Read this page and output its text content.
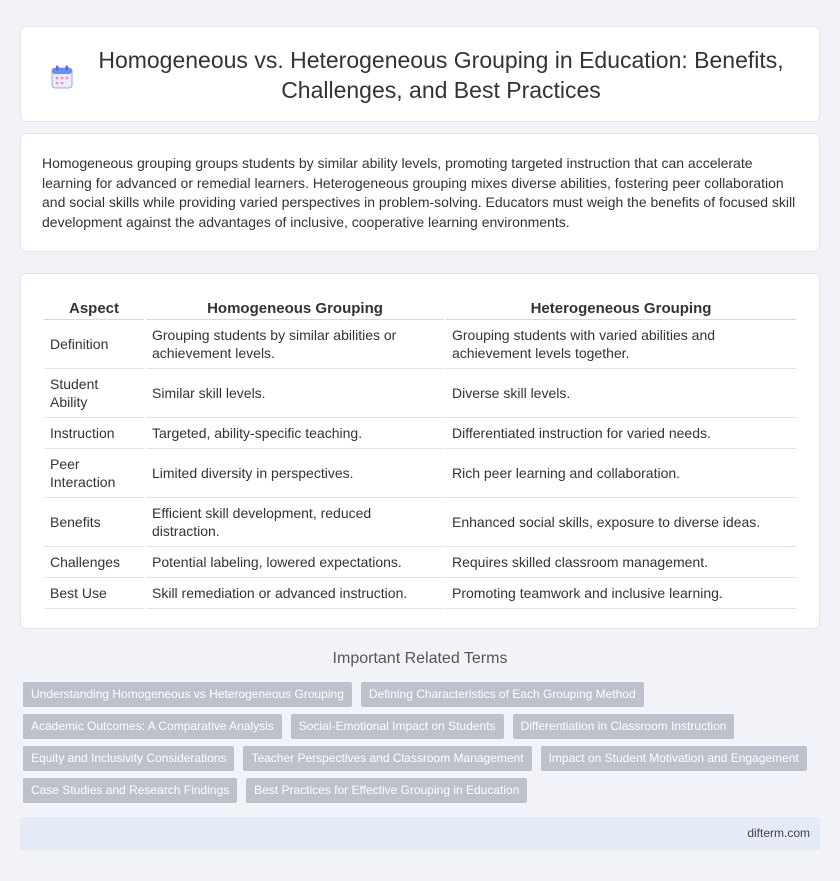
Homogeneous vs. Heterogeneous Grouping in Education: Benefits, Challenges, and Best Practices

Homogeneous grouping groups students by similar ability levels, promoting targeted instruction that can accelerate learning for advanced or remedial learners. Heterogeneous grouping mixes diverse abilities, fostering peer collaboration and social skills while providing varied perspectives in problem-solving. Educators must weigh the benefits of focused skill development against the advantages of inclusive, cooperative learning environments.

Aspect	Homogeneous Grouping	Heterogeneous Grouping
Definition	Grouping students by similar abilities or achievement levels.	Grouping students with varied abilities and achievement levels together.
Student Ability	Similar skill levels.	Diverse skill levels.
Instruction	Targeted, ability-specific teaching.	Differentiated instruction for varied needs.
Peer Interaction	Limited diversity in perspectives.	Rich peer learning and collaboration.
Benefits	Efficient skill development, reduced distraction.	Enhanced social skills, exposure to diverse ideas.
Challenges	Potential labeling, lowered expectations.	Requires skilled classroom management.
Best Use	Skill remediation or advanced instruction.	Promoting teamwork and inclusive learning.
Important Related Terms
Understanding Homogeneous vs Heterogeneous Grouping	Defining Characteristics of Each Grouping Method
Academic Outcomes: A Comparative Analysis	Social-Emotional Impact on Students	Differentiation in Classroom Instruction
Equity and Inclusivity Considerations	Teacher Perspectives and Classroom Management	Impact on Student Motivation and Engagement
Case Studies and Research Findings	Best Practices for Effective Grouping in Education
difterm.com
